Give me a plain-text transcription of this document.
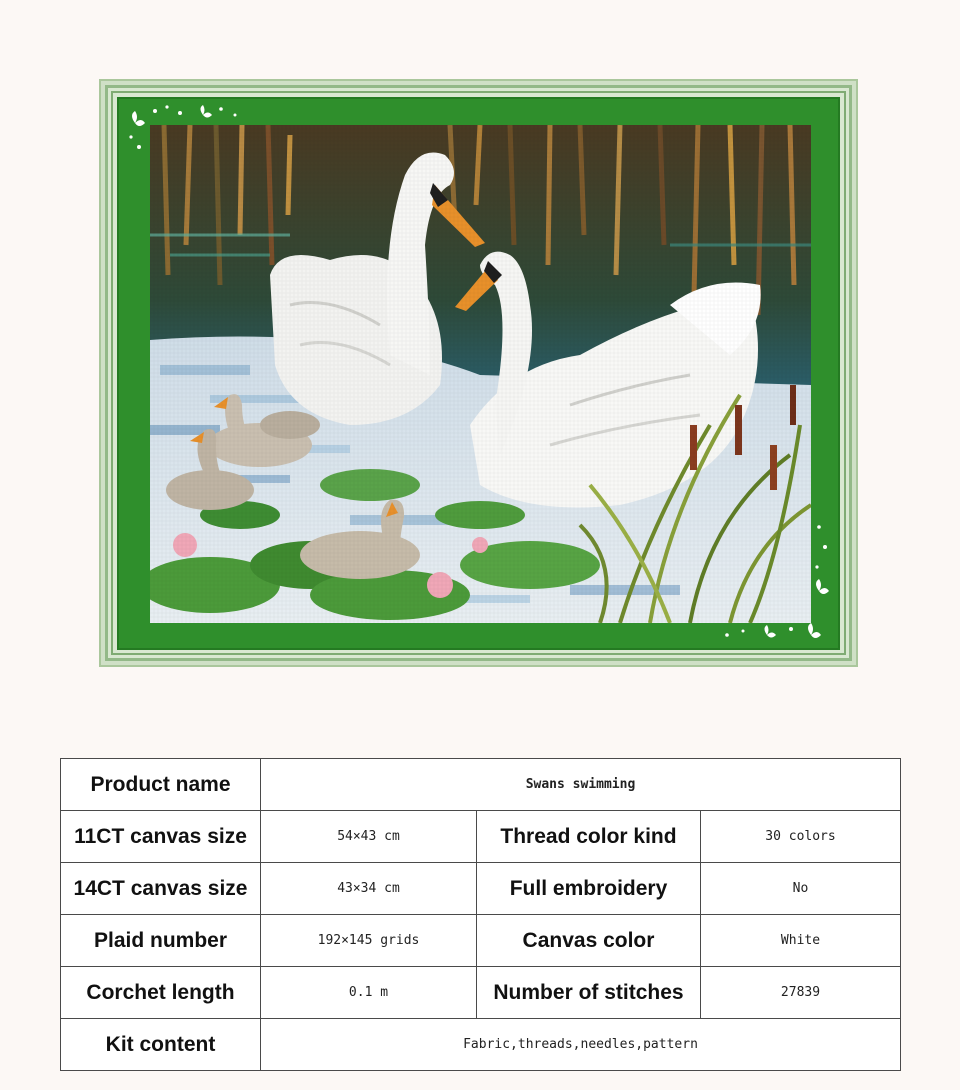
Product name	Swans swimming		
11CT canvas size	54×43 cm	Thread color kind	30 colors
14CT canvas size	43×34 cm	Full embroidery	No
Plaid number	192×145 grids	Canvas color	White
Corchet length	0.1 m	Number of stitches	27839
Kit content	Fabric,threads,needles,pattern		
